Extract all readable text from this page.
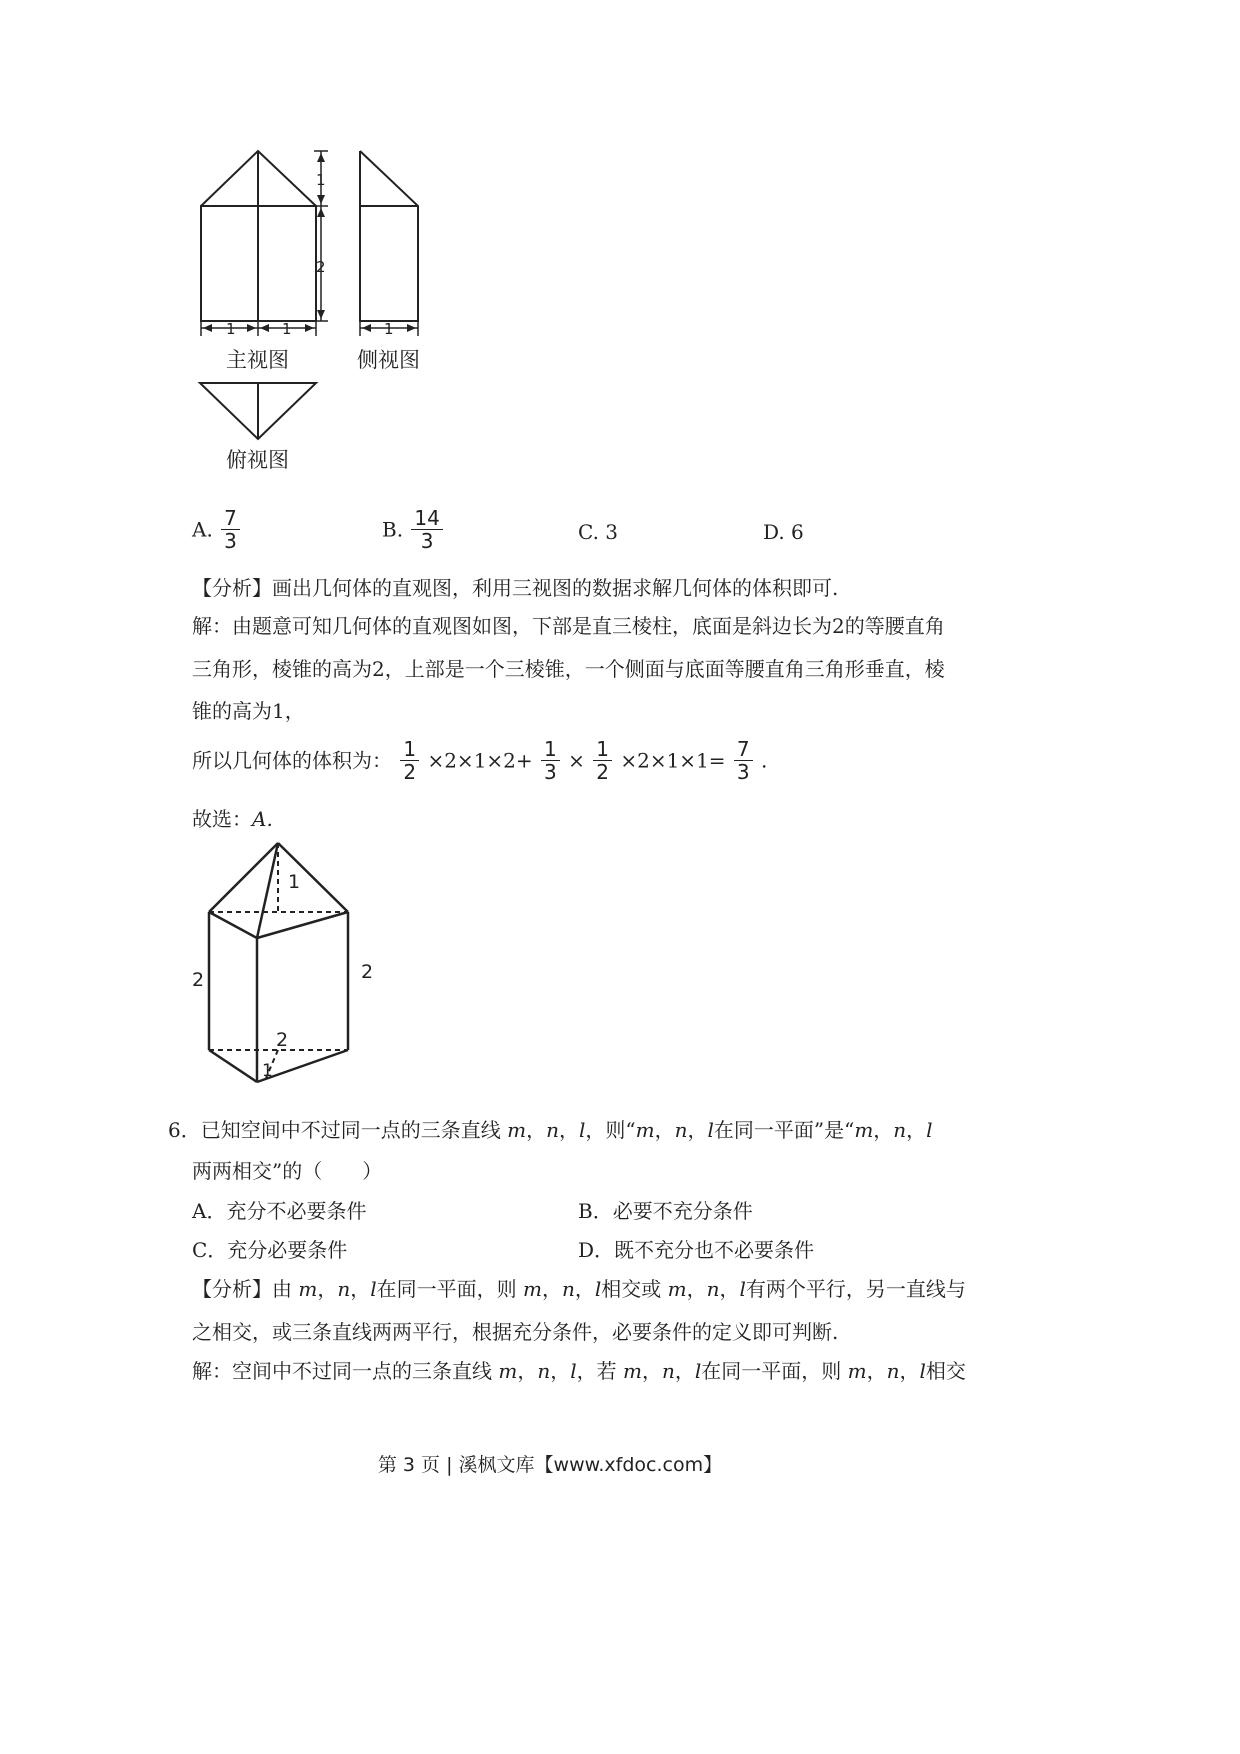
1
2
1	1	1
主视图	侧视图
俯视图
A. $\frac{7}{3}$	B. $\frac{14}{3}$	C. 3	D. 6
【分析】画出几何体的直观图，利用三视图的数据求解几何体的体积即可.
解：由题意可知几何体的直观图如图，下部是直三棱柱，底面是斜边长为2的等腰直角
三角形，棱锥的高为2，上部是一个三棱锥，一个侧面与底面等腰直角三角形垂直，棱
锥的高为1，
所以几何体的体积为： $\frac{1}{2} \times 2\times 1\times 2+ \frac{1}{3} \times \frac{1}{2} \times 2\times 1\times 1= \frac{7}{3}$ .
故选：A.
1
2	2
2
1
6．已知空间中不过同一点的三条直线 m，n，l，则“m，n，l在同一平面”是“m，n，l
两两相交”的（　　）
A．充分不必要条件	B．必要不充分条件
C．充分必要条件	D．既不充分也不必要条件
【分析】由 m，n，l在同一平面，则 m，n，l相交或 m，n，l有两个平行，另一直线与
之相交，或三条直线两两平行，根据充分条件，必要条件的定义即可判断.
解：空间中不过同一点的三条直线 m，n，l，若 m，n，l在同一平面，则 m，n，l相交
第 3 页 | 溪枫文库【www.xfdoc.com】
